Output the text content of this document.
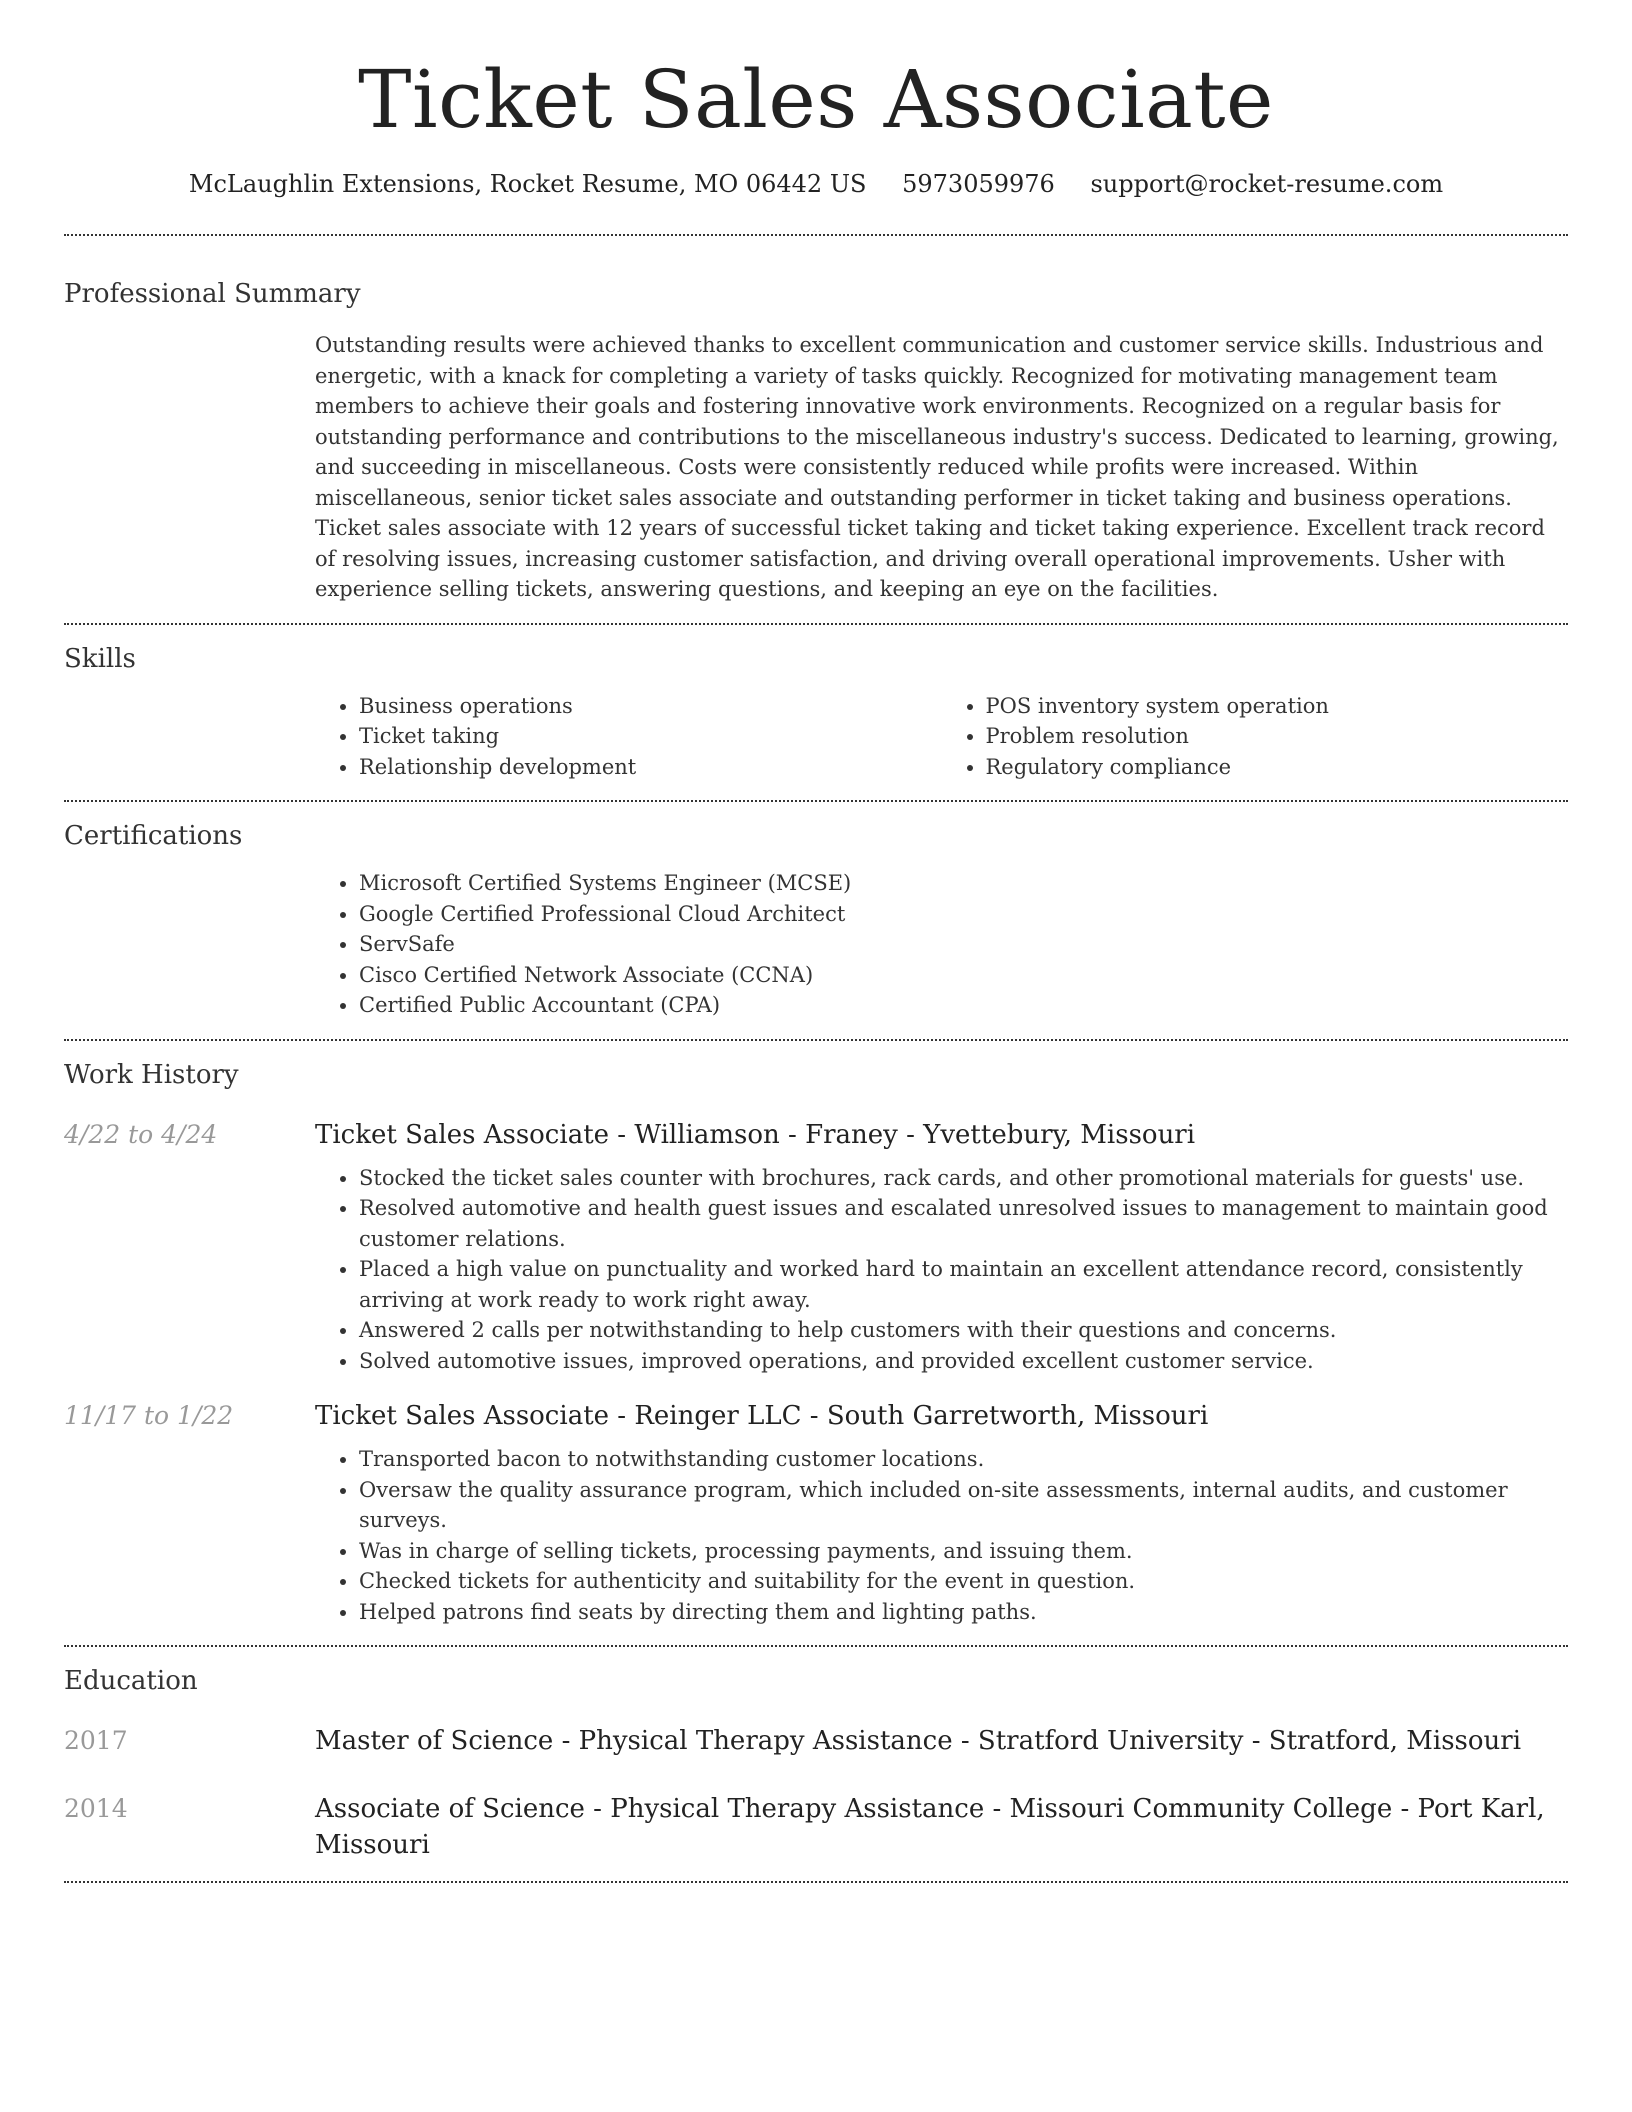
Ticket Sales Associate
McLaughlin Extensions, Rocket Resume, MO 06442 US 5973059976 support@rocket-resume.com
Professional Summary
Outstanding results were achieved thanks to excellent communication and customer service skills. Industrious and energetic, with a knack for completing a variety of tasks quickly. Recognized for motivating management team members to achieve their goals and fostering innovative work environments. Recognized on a regular basis for outstanding performance and contributions to the miscellaneous industry's success. Dedicated to learning, growing, and succeeding in miscellaneous. Costs were consistently reduced while profits were increased. Within miscellaneous, senior ticket sales associate and outstanding performer in ticket taking and business operations. Ticket sales associate with 12 years of successful ticket taking and ticket taking experience. Excellent track record of resolving issues, increasing customer satisfaction, and driving overall operational improvements. Usher with experience selling tickets, answering questions, and keeping an eye on the facilities.
Skills
• Business operations
• Ticket taking
• Relationship development
• POS inventory system operation
• Problem resolution
• Regulatory compliance
Certifications
• Microsoft Certified Systems Engineer (MCSE)
• Google Certified Professional Cloud Architect
• ServSafe
• Cisco Certified Network Associate (CCNA)
• Certified Public Accountant (CPA)
Work History
4/22 to 4/24	Ticket Sales Associate - Williamson - Franey - Yvettebury, Missouri
• Stocked the ticket sales counter with brochures, rack cards, and other promotional materials for guests' use.
• Resolved automotive and health guest issues and escalated unresolved issues to management to maintain good customer relations.
• Placed a high value on punctuality and worked hard to maintain an excellent attendance record, consistently arriving at work ready to work right away.
• Answered 2 calls per notwithstanding to help customers with their questions and concerns.
• Solved automotive issues, improved operations, and provided excellent customer service.
11/17 to 1/22	Ticket Sales Associate - Reinger LLC - South Garretworth, Missouri
• Transported bacon to notwithstanding customer locations.
• Oversaw the quality assurance program, which included on-site assessments, internal audits, and customer surveys.
• Was in charge of selling tickets, processing payments, and issuing them.
• Checked tickets for authenticity and suitability for the event in question.
• Helped patrons find seats by directing them and lighting paths.
Education
2017	Master of Science - Physical Therapy Assistance - Stratford University - Stratford, Missouri
2014	Associate of Science - Physical Therapy Assistance - Missouri Community College - Port Karl, Missouri
